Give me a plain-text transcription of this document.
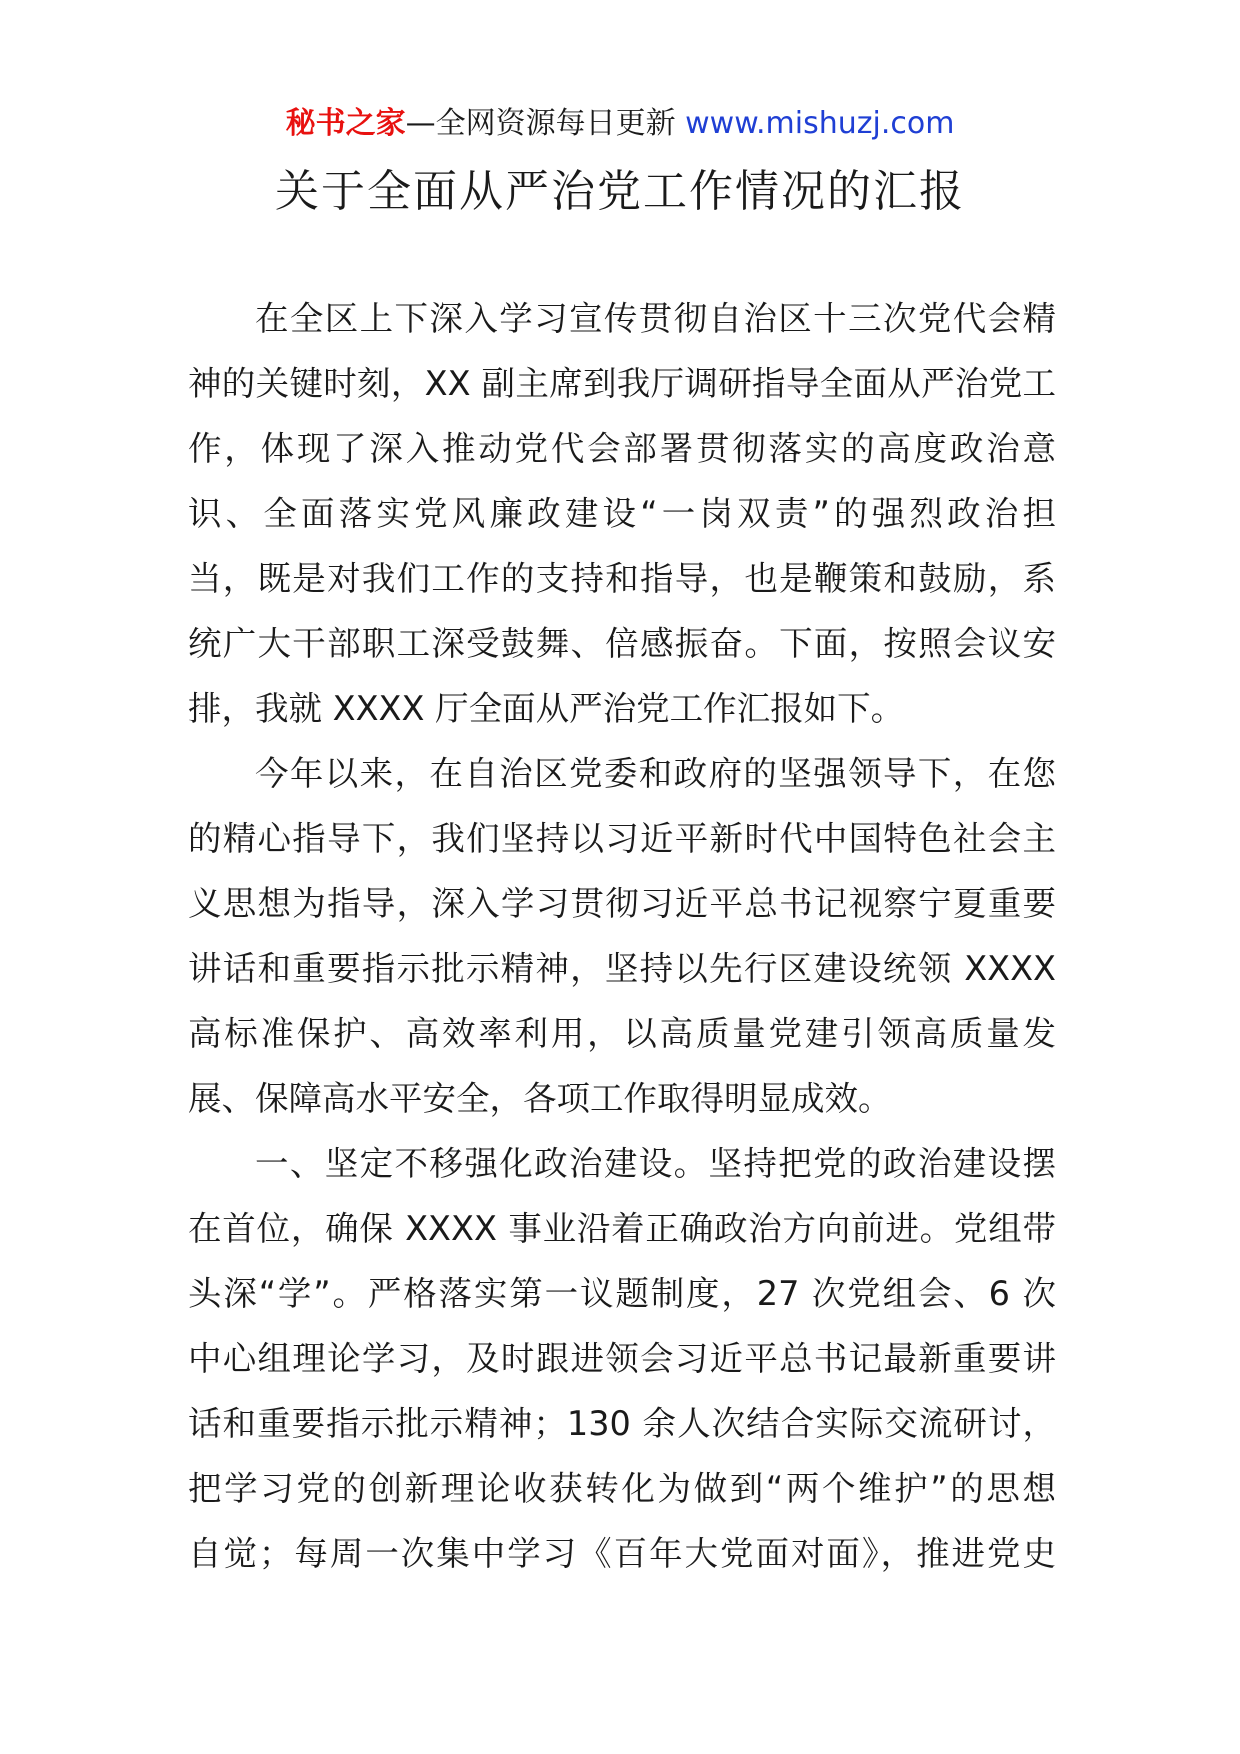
秘书之家—全网资源每日更新 www.mishuzj.com
关于全面从严治党工作情况的汇报
在全区上下深入学习宣传贯彻自治区十三次党代会精
神的关键时刻，XX 副主席到我厅调研指导全面从严治党工
作，体现了深入推动党代会部署贯彻落实的高度政治意
识、全面落实党风廉政建设“一岗双责”的强烈政治担
当，既是对我们工作的支持和指导，也是鞭策和鼓励，系
统广大干部职工深受鼓舞、倍感振奋。下面，按照会议安
排，我就 XXXX 厅全面从严治党工作汇报如下。
今年以来，在自治区党委和政府的坚强领导下，在您
的精心指导下，我们坚持以习近平新时代中国特色社会主
义思想为指导，深入学习贯彻习近平总书记视察宁夏重要
讲话和重要指示批示精神，坚持以先行区建设统领 XXXX
高标准保护、高效率利用，以高质量党建引领高质量发
展、保障高水平安全，各项工作取得明显成效。
一、坚定不移强化政治建设。坚持把党的政治建设摆
在首位，确保 XXXX 事业沿着正确政治方向前进。党组带
头深“学”。严格落实第一议题制度，27 次党组会、6 次
中心组理论学习，及时跟进领会习近平总书记最新重要讲
话和重要指示批示精神；130 余人次结合实际交流研讨，
把学习党的创新理论收获转化为做到“两个维护”的思想
自觉；每周一次集中学习《百年大党面对面》，推进党史
